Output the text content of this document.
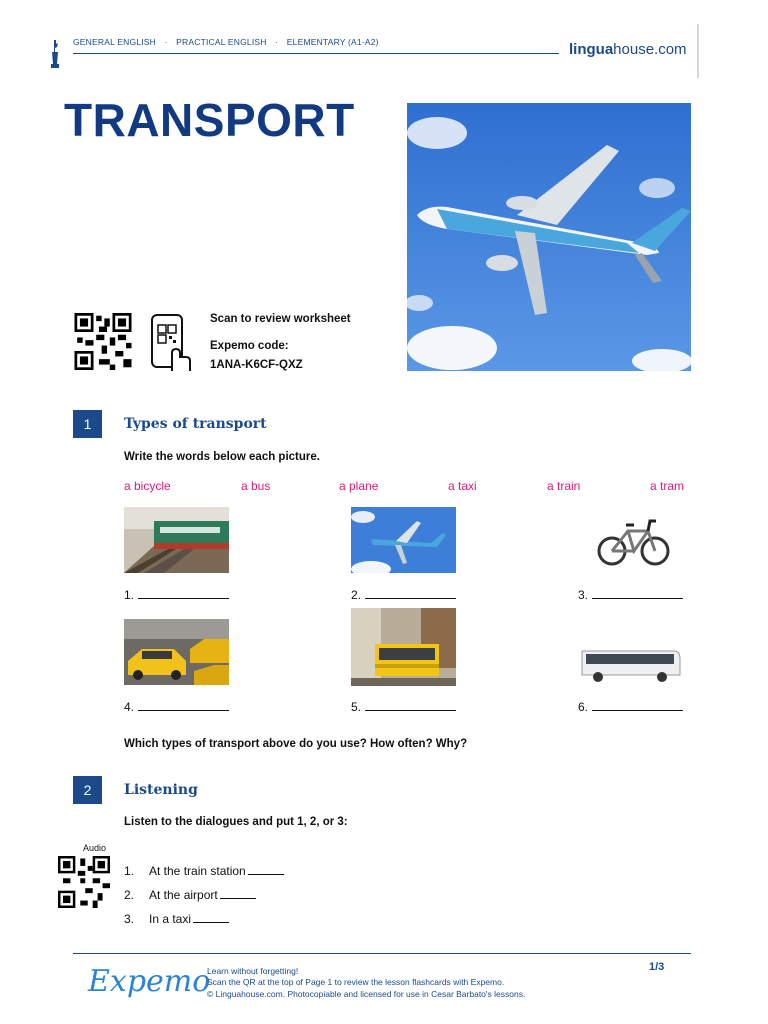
GENERAL ENGLISH · PRACTICAL ENGLISH · ELEMENTARY (A1-A2)	linguahouse.com
TRANSPORT
Scan to review worksheet
Expemo code:
1ANA-K6CF-QXZ
1	Types of transport
Write the words below each picture.
a bicycle	a bus	a plane	a taxi	a train	a tram
1.	2.	3.
4.	5.	6.
Which types of transport above do you use? How often? Why?
2	Listening
Listen to the dialogues and put 1, 2, or 3:
Audio
1. At the train station
2. At the airport
3. In a taxi
Expemo
Learn without forgetting!
Scan the QR at the top of Page 1 to review the lesson flashcards with Expemo.
© Linguahouse.com. Photocopiable and licensed for use in Cesar Barbato's lessons.
1/3
